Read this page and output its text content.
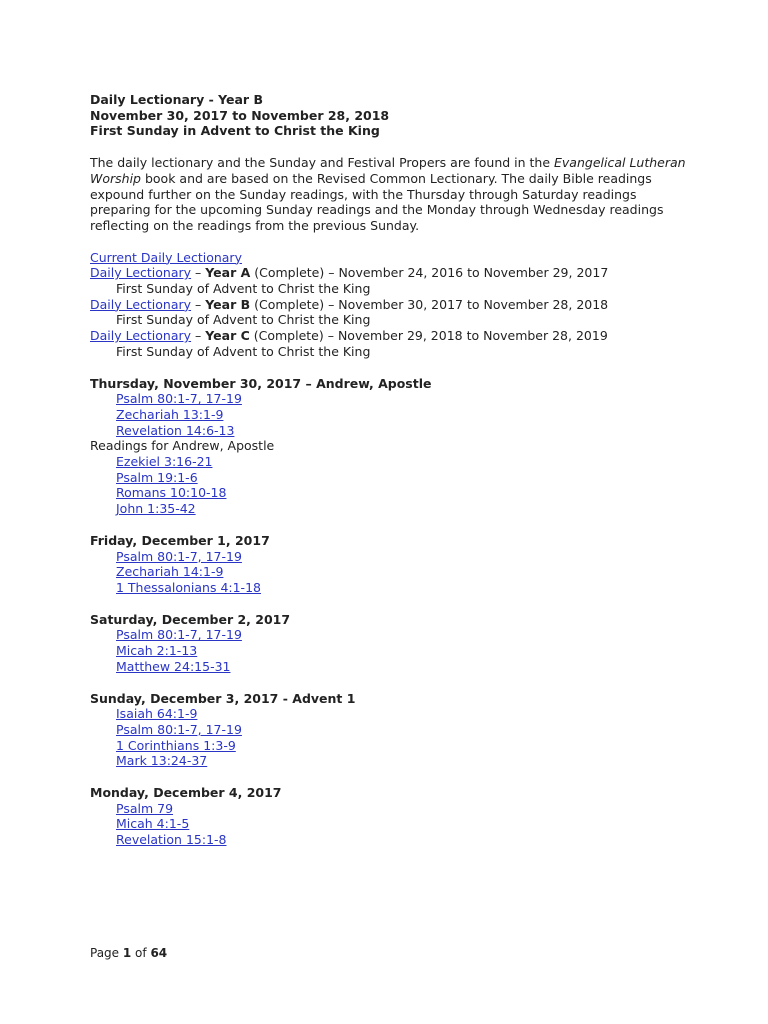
Daily Lectionary - Year B
November 30, 2017 to November 28, 2018
First Sunday in Advent to Christ the King
The daily lectionary and the Sunday and Festival Propers are found in the Evangelical Lutheran Worship book and are based on the Revised Common Lectionary. The daily Bible readings expound further on the Sunday readings, with the Thursday through Saturday readings preparing for the upcoming Sunday readings and the Monday through Wednesday readings reflecting on the readings from the previous Sunday.
Current Daily Lectionary
Daily Lectionary – Year A (Complete) – November 24, 2016 to November 29, 2017
First Sunday of Advent to Christ the King
Daily Lectionary – Year B (Complete) – November 30, 2017 to November 28, 2018
First Sunday of Advent to Christ the King
Daily Lectionary – Year C (Complete) – November 29, 2018 to November 28, 2019
First Sunday of Advent to Christ the King
Thursday, November 30, 2017 – Andrew, Apostle
Psalm 80:1-7, 17-19
Zechariah 13:1-9
Revelation 14:6-13
Readings for Andrew, Apostle
Ezekiel 3:16-21
Psalm 19:1-6
Romans 10:10-18
John 1:35-42
Friday, December 1, 2017
Psalm 80:1-7, 17-19
Zechariah 14:1-9
1 Thessalonians 4:1-18
Saturday, December 2, 2017
Psalm 80:1-7, 17-19
Micah 2:1-13
Matthew 24:15-31
Sunday, December 3, 2017 - Advent 1
Isaiah 64:1-9
Psalm 80:1-7, 17-19
1 Corinthians 1:3-9
Mark 13:24-37
Monday, December 4, 2017
Psalm 79
Micah 4:1-5
Revelation 15:1-8
Page 1 of 64
